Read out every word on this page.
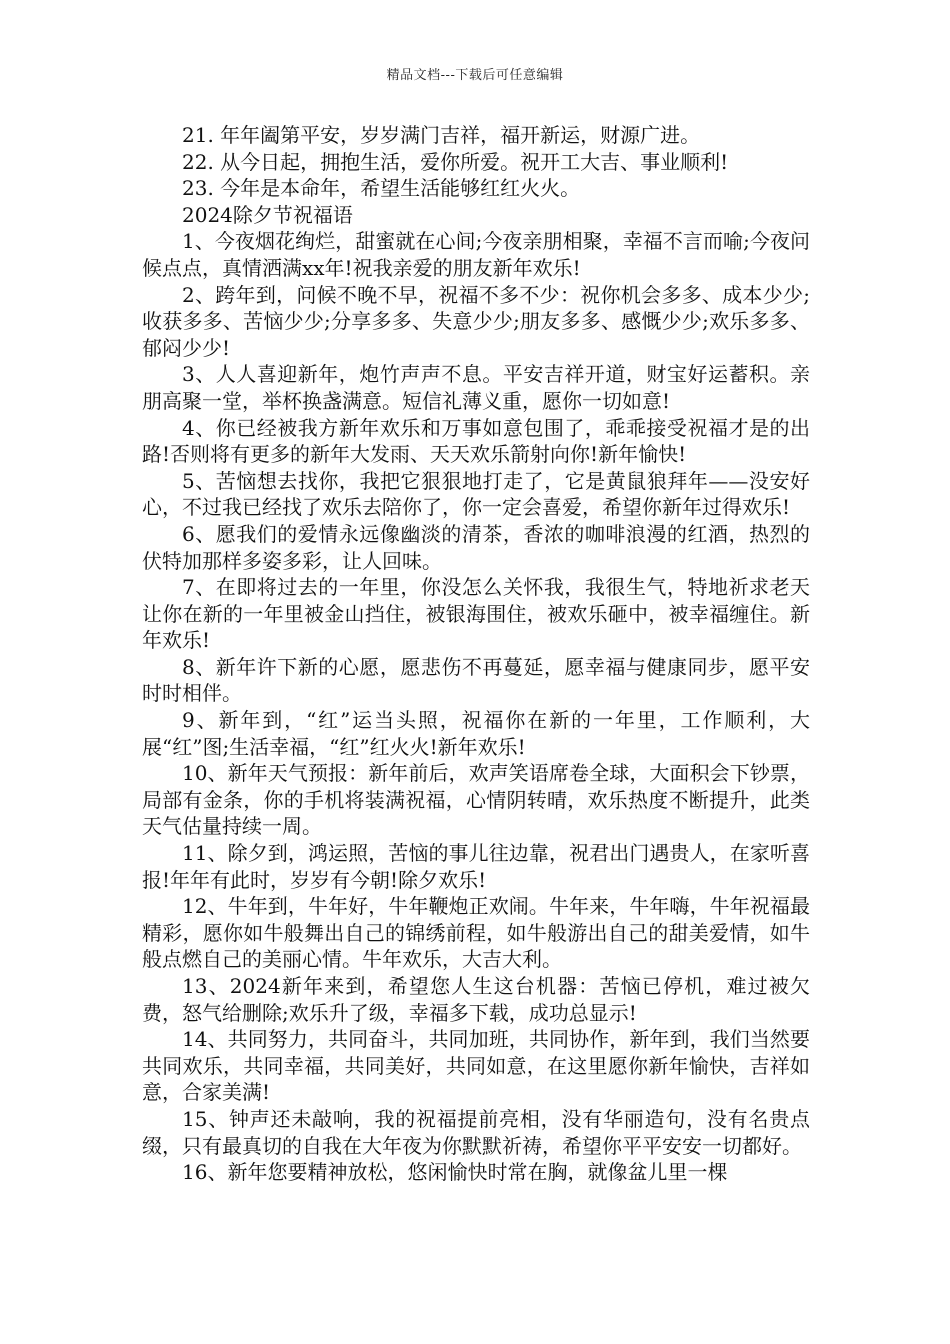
精品文档---下载后可任意编辑

21. 年年阖第平安，岁岁满门吉祥，福开新运，财源广进。

22. 从今日起，拥抱生活，爱你所爱。祝开工大吉、事业顺利!

23. 今年是本命年，希望生活能够红红火火。

2024除夕节祝福语

1、今夜烟花绚烂，甜蜜就在心间;今夜亲朋相聚，幸福不言而喻;今夜问候点点，真情洒满xx年!祝我亲爱的朋友新年欢乐!

2、跨年到，问候不晚不早，祝福不多不少：祝你机会多多、成本少少;收获多多、苦恼少少;分享多多、失意少少;朋友多多、感慨少少;欢乐多多、郁闷少少!

3、人人喜迎新年，炮竹声声不息。平安吉祥开道，财宝好运蓄积。亲朋高聚一堂，举杯换盏满意。短信礼薄义重，愿你一切如意!

4、你已经被我方新年欢乐和万事如意包围了，乖乖接受祝福才是的出路!否则将有更多的新年大发雨、天天欢乐箭射向你!新年愉快!

5、苦恼想去找你，我把它狠狠地打走了，它是黄鼠狼拜年——没安好心，不过我已经找了欢乐去陪你了，你一定会喜爱，希望你新年过得欢乐!

6、愿我们的爱情永远像幽淡的清茶，香浓的咖啡浪漫的红酒，热烈的伏特加那样多姿多彩，让人回味。

7、在即将过去的一年里，你没怎么关怀我，我很生气，特地祈求老天让你在新的一年里被金山挡住，被银海围住，被欢乐砸中，被幸福缠住。新年欢乐!

8、新年许下新的心愿，愿悲伤不再蔓延，愿幸福与健康同步，愿平安时时相伴。

9、新年到，“红”运当头照，祝福你在新的一年里，工作顺利，大展“红”图;生活幸福，“红”红火火!新年欢乐!

10、新年天气预报：新年前后，欢声笑语席卷全球，大面积会下钞票，局部有金条，你的手机将装满祝福，心情阴转晴，欢乐热度不断提升，此类天气估量持续一周。

11、除夕到，鸿运照，苦恼的事儿往边靠，祝君出门遇贵人，在家听喜报!年年有此时，岁岁有今朝!除夕欢乐!

12、牛年到，牛年好，牛年鞭炮正欢闹。牛年来，牛年嗨，牛年祝福最精彩，愿你如牛般舞出自己的锦绣前程，如牛般游出自己的甜美爱情，如牛般点燃自己的美丽心情。牛年欢乐，大吉大利。

13、2024新年来到，希望您人生这台机器：苦恼已停机，难过被欠费，怒气给删除;欢乐升了级，幸福多下载，成功总显示!

14、共同努力，共同奋斗，共同加班，共同协作，新年到，我们当然要共同欢乐，共同幸福，共同美好，共同如意，在这里愿你新年愉快，吉祥如意，合家美满!

15、钟声还未敲响，我的祝福提前亮相，没有华丽造句，没有名贵点缀，只有最真切的自我在大年夜为你默默祈祷，希望你平平安安一切都好。

16、新年您要精神放松，悠闲愉快时常在胸，就像盆儿里一棵
